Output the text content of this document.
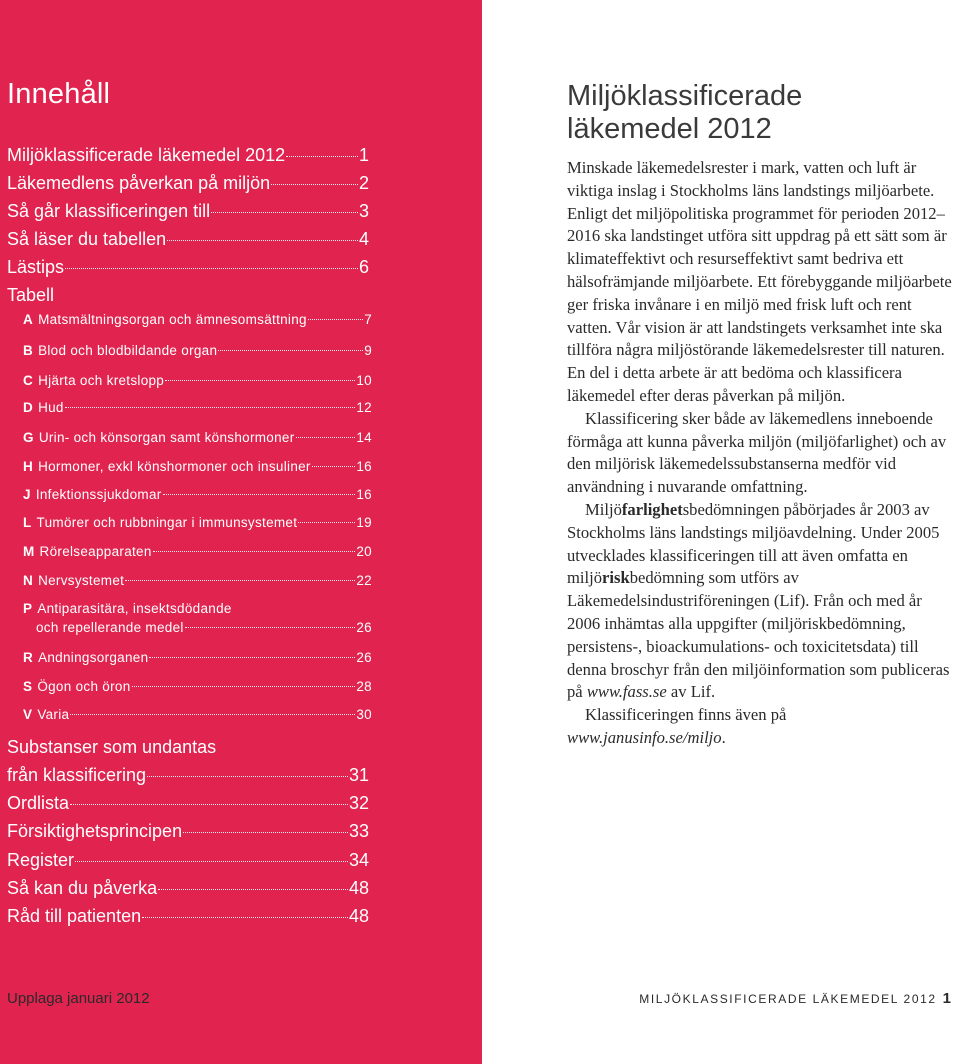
Innehåll
Miljöklassificerade läkemedel 2012	1
Läkemedlens påverkan på miljön	2
Så går klassificeringen till	3
Så läser du tabellen	4
Lästips	6
Tabell
A Matsmältningsorgan och ämnesomsättning	7
B Blod och blodbildande organ	9
C Hjärta och kretslopp	10
D Hud	12
G Urin- och könsorgan samt könshormoner	14
H Hormoner, exkl könshormoner och insuliner	16
J Infektionssjukdomar	16
L Tumörer och rubbningar i immunsystemet	19
M Rörelseapparaten	20
N Nervsystemet	22
P Antiparasitära, insektsdödande
och repellerande medel	26
R Andningsorganen	26
S Ögon och öron	28
V Varia	30
Substanser som undantas
från klassificering	31
Ordlista	32
Försiktighetsprincipen	33
Register	34
Så kan du påverka	48
Råd till patienten	48
Miljöklassificerade
läkemedel 2012

Minskade läkemedelsrester i mark, vatten och luft är viktiga inslag i Stockholms läns landstings miljöarbete. Enligt det miljöpolitiska programmet för perioden 2012–2016 ska landstinget utföra sitt uppdrag på ett sätt som är klimateffektivt och resurseffektivt samt bedriva ett hälsofrämjande miljöarbete. Ett förebyggande miljöarbete ger friska invånare i en miljö med frisk luft och rent vatten. Vår vision är att landstingets verksamhet inte ska tillföra några miljöstörande läkemedelsrester till naturen. En del i detta arbete är att bedöma och klassificera läkemedel efter deras påverkan på miljön.

Klassificering sker både av läkemedlens inneboende förmåga att kunna påverka miljön (miljöfarlighet) och av den miljörisk läkemedelssubstanserna medför vid användning i nuvarande omfattning.

Miljöfarlighetsbedömningen påbörjades år 2003 av Stockholms läns landstings miljöavdelning. Under 2005 utvecklades klassificeringen till att även omfatta en miljöriskbedömning som utförs av Läkemedelsindustriföreningen (Lif). Från och med år 2006 inhämtas alla uppgifter (miljöriskbedömning, persistens-, bioackumulations- och toxicitetsdata) till denna broschyr från den miljöinformation som publiceras på www.fass.se av Lif.

Klassificeringen finns även på
www.janusinfo.se/miljo.

Upplaga januari 2012	MILJÖKLASSIFICERADE LÄKEMEDEL 2012 1
